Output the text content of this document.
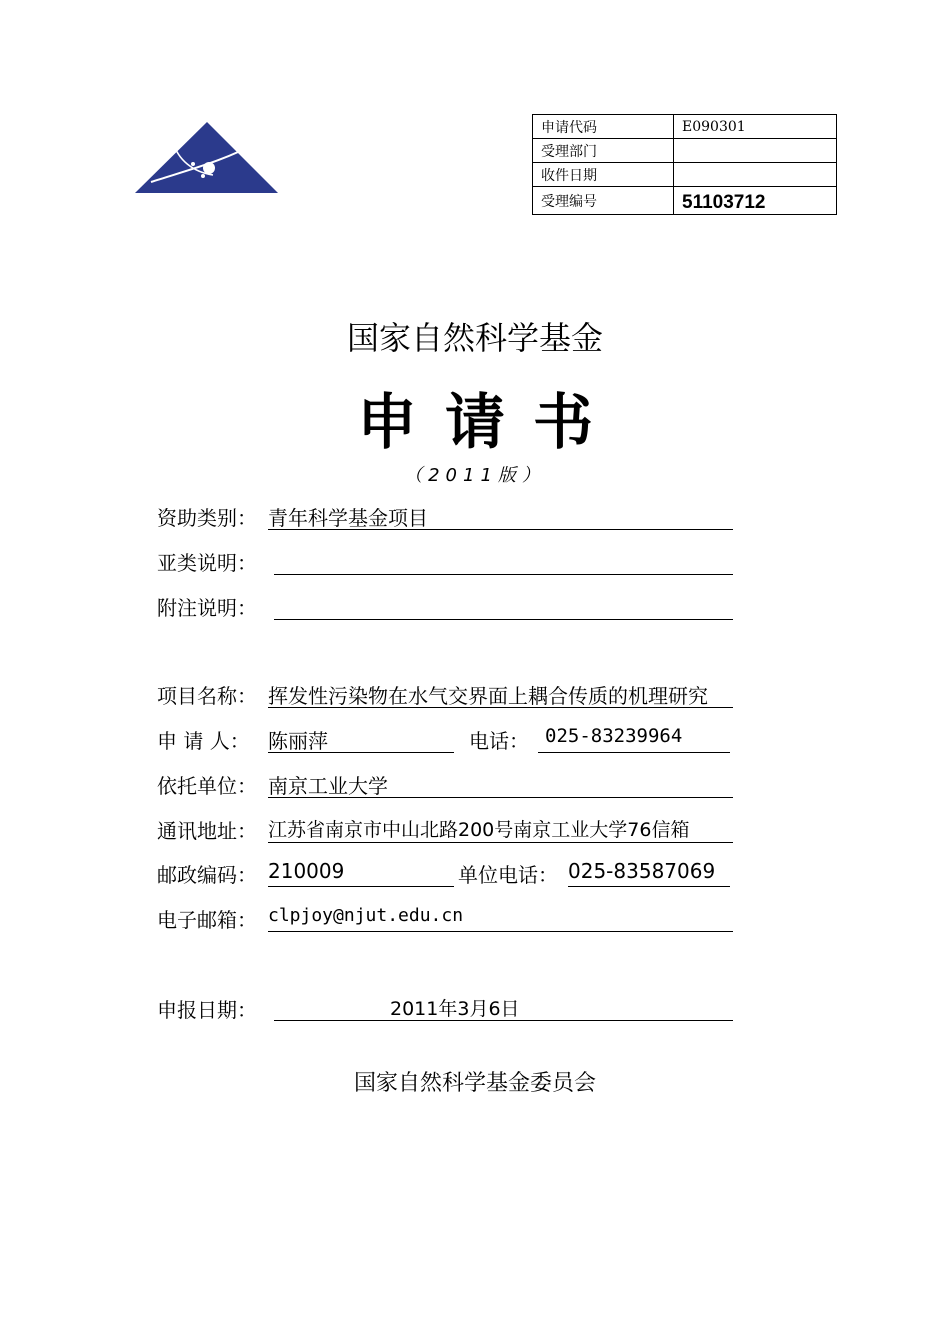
申请代码	E090301
受理部门	
收件日期	
受理编号	51103712
国家自然科学基金
申请书
（2011版）
资助类别： 青年科学基金项目
亚类说明：
附注说明：
项目名称： 挥发性污染物在水气交界面上耦合传质的机理研究
申 请 人： 陈丽萍	电话： 025-83239964
依托单位： 南京工业大学
通讯地址： 江苏省南京市中山北路200号南京工业大学76信箱
邮政编码： 210009	单位电话： 025-83587069
电子邮箱： clpjoy@njut.edu.cn
申报日期：	2011年3月6日
国家自然科学基金委员会
